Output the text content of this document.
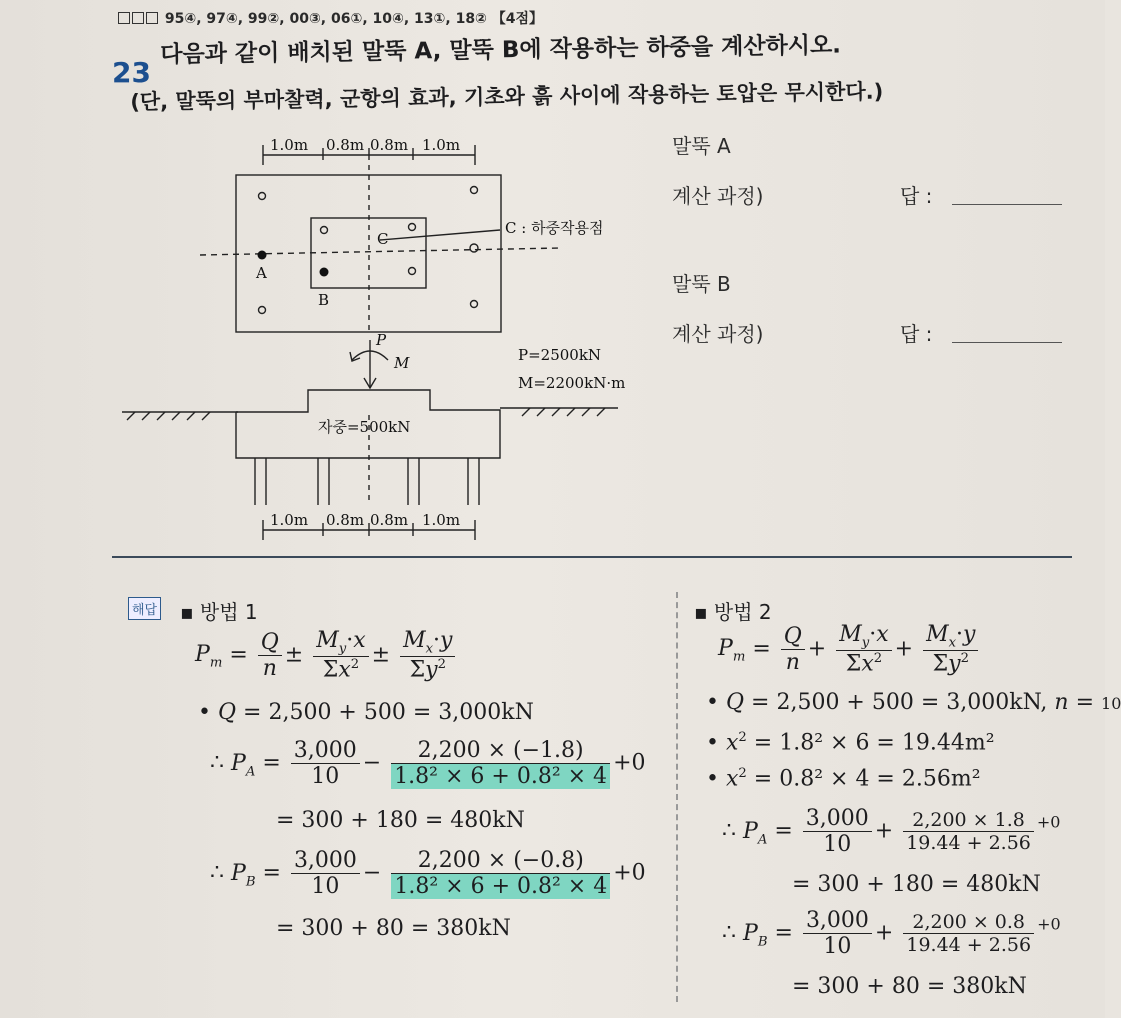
95④, 97④, 99②, 00③, 06①, 10④, 13①, 18② 【4점】
23
다음과 같이 배치된 말뚝 A, 말뚝 B에 작용하는 하중을 계산하시오.
(단, 말뚝의 부마찰력, 군항의 효과, 기초와 흙 사이에 작용하는 토압은 무시한다.)
1.0m 0.8m 0.8m 1.0m
A
B
C
C : 하중작용점
P
M	P=2500kN
M=2200kN·m
자중=500kN
1.0m 0.8m 0.8m 1.0m
말뚝 A
계산 과정)	답 :
말뚝 B
계산 과정)	답 :
해답 ▪ 방법 1
$P_m = \frac{Q}{n} \pm \frac{M_y\cdot x}{\Sigma x^2} \pm \frac{M_x\cdot y}{\Sigma y^2}$
• Q = 2,500 + 500 = 3,000kN
∴ $P_A = \frac{3,000}{10} - \frac{2,200 \times (-1.8)}{\text{1.8² × 6 + 0.8² × 4}} +0$
= 300 + 180 = 480kN
∴ $P_B = \frac{3,000}{10} - \frac{2,200 \times (-0.8)}{\text{1.8² × 6 + 0.8² × 4}} +0$
= 300 + 80 = 380kN
▪ 방법 2
$P_m = \frac{Q}{n} + \frac{M_y\cdot x}{\Sigma x^2} + \frac{M_x\cdot y}{\Sigma y^2}$
• Q = 2,500 + 500 = 3,000kN, n = 10
• $x^2 = 1.8^2 \times 6 = 19.44m^2$
• $x^2 = 0.8^2 \times 4 = 2.56m^2$
∴ $P_A = \frac{3,000}{10} + \frac{2,200 \times 1.8}{19.44 + 2.56} ^{+0}$
= 300 + 180 = 480kN
∴ $P_B = \frac{3,000}{10} + \frac{2,200 \times 0.8}{19.44 + 2.56} ^{+0}$
= 300 + 80 = 380kN
